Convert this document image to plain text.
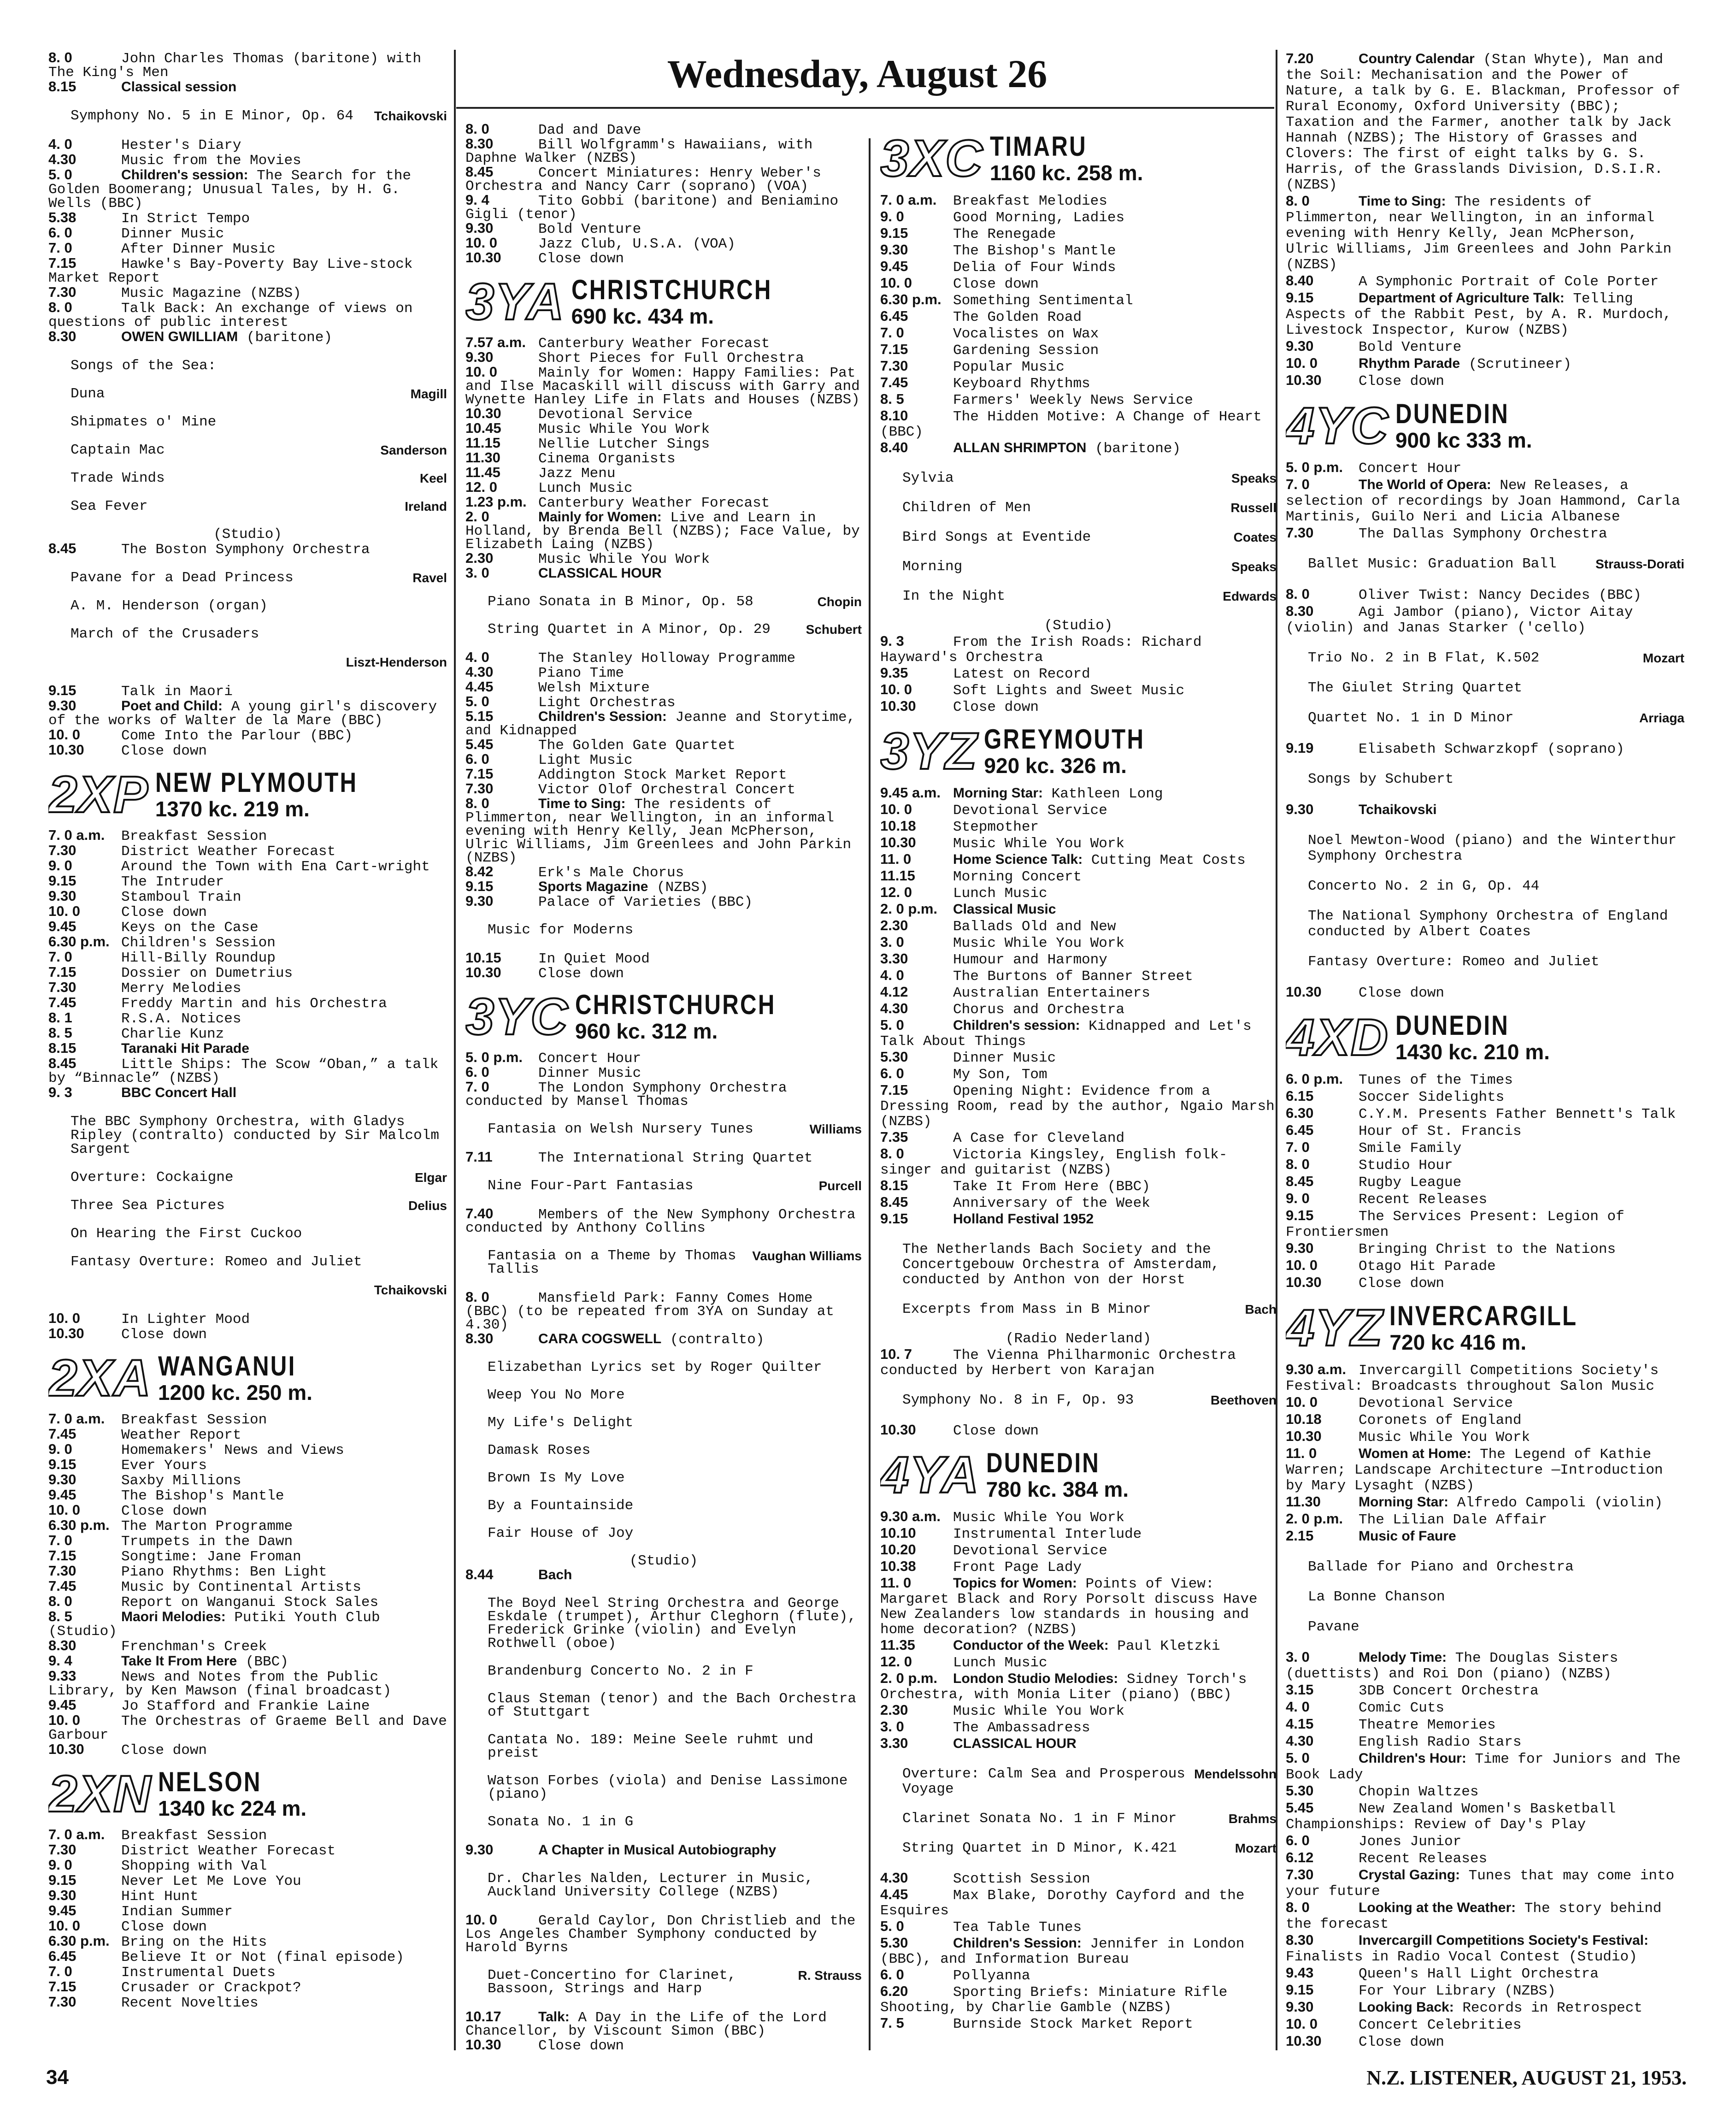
Wednesday, August 26

8. 0	John Charles Thomas (baritone) with The King's Men

8.15	Classical session

Tchaikovski
Symphony No. 5 in E Minor, Op. 64

4. 0	Hester's Diary

4.30	Music from the Movies

5. 0	Children's session: The Search for the Golden Boomerang; Unusual Tales, by H. G. Wells (BBC)

5.38	In Strict Tempo

6. 0	Dinner Music

7. 0	After Dinner Music

7.15	Hawke's Bay-Poverty Bay Live-stock Market Report

7.30	Music Magazine (NZBS)

8. 0	Talk Back: An exchange of views on questions of public interest

8.30	OWEN GWILLIAM (baritone)

Songs of the Sea:

Magill
Duna

Shipmates o' Mine

Sanderson
Captain Mac

Keel
Trade Winds

Ireland
Sea Fever

(Studio)

8.45	The Boston Symphony Orchestra

Ravel
Pavane for a Dead Princess

A. M. Henderson (organ)

March of the Crusaders

Liszt-Henderson

9.15	Talk in Maori

9.30	Poet and Child: A young girl's discovery of the works of Walter de la Mare (BBC)

10. 0	Come Into the Parlour (BBC)

10.30	Close down

2XP NEW PLYMOUTH
1370 kc. 219 m.

7. 0 a.m. Breakfast Session

7.30	District Weather Forecast

9. 0	Around the Town with Ena Cart-wright

9.15	The Intruder

9.30	Stamboul Train

10. 0	Close down

9.45	Keys on the Case

6.30 p.m. Children's Session

7. 0	Hill-Billy Roundup

7.15	Dossier on Dumetrius

7.30	Merry Melodies

7.45	Freddy Martin and his Orchestra

8. 1	R.S.A. Notices

8. 5	Charlie Kunz

8.15	Taranaki Hit Parade

8.45	Little Ships: The Scow “Oban,” a talk by “Binnacle” (NZBS)

9. 3	BBC Concert Hall

The BBC Symphony Orchestra, with Gladys Ripley (contralto) conducted by Sir Malcolm Sargent

Elgar
Overture: Cockaigne

Delius
Three Sea Pictures

On Hearing the First Cuckoo

Fantasy Overture: Romeo and Juliet

Tchaikovski

10. 0	In Lighter Mood

10.30	Close down

2XA WANGANUI
1200 kc. 250 m.

7. 0 a.m. Breakfast Session

7.45	Weather Report

9. 0	Homemakers' News and Views

9.15	Ever Yours

9.30	Saxby Millions

9.45	The Bishop's Mantle

10. 0	Close down

6.30 p.m. The Marton Programme

7. 0	Trumpets in the Dawn

7.15	Songtime: Jane Froman

7.30	Piano Rhythms: Ben Light

7.45	Music by Continental Artists

8. 0	Report on Wanganui Stock Sales

8. 5	Maori Melodies: Putiki Youth Club (Studio)

8.30	Frenchman's Creek

9. 4	Take It From Here (BBC)

9.33	News and Notes from the Public Library, by Ken Mawson (final broadcast)

9.45	Jo Stafford and Frankie Laine

10. 0	The Orchestras of Graeme Bell and Dave Garbour

10.30	Close down

2XN NELSON
1340 kc 224 m.

7. 0 a.m. Breakfast Session

7.30	District Weather Forecast

9. 0	Shopping with Val

9.15	Never Let Me Love You

9.30	Hint Hunt

9.45	Indian Summer

10. 0	Close down

6.30 p.m. Bring on the Hits

6.45	Believe It or Not (final episode)

7. 0	Instrumental Duets

7.15	Crusader or Crackpot?

7.30	Recent Novelties

8. 0	Dad and Dave

8.30	Bill Wolfgramm's Hawaiians, with Daphne Walker (NZBS)

8.45	Concert Miniatures: Henry Weber's Orchestra and Nancy Carr (soprano) (VOA)

9. 4	Tito Gobbi (baritone) and Beniamino Gigli (tenor)

9.30	Bold Venture

10. 0	Jazz Club, U.S.A. (VOA)

10.30	Close down

3YA CHRISTCHURCH
690 kc. 434 m.

7.57 a.m. Canterbury Weather Forecast

9.30	Short Pieces for Full Orchestra

10. 0	Mainly for Women: Happy Families: Pat and Ilse Macaskill will discuss with Garry and Wynette Hanley Life in Flats and Houses (NZBS)

10.30	Devotional Service

10.45	Music While You Work

11.15	Nellie Lutcher Sings

11.30	Cinema Organists

11.45	Jazz Menu

12. 0	Lunch Music

1.23 p.m. Canterbury Weather Forecast

2. 0	Mainly for Women: Live and Learn in Holland, by Brenda Bell (NZBS); Face Value, by Elizabeth Laing (NZBS)

2.30	Music While You Work

3. 0	CLASSICAL HOUR

Chopin
Piano Sonata in B Minor, Op. 58

Schubert
String Quartet in A Minor, Op. 29

4. 0	The Stanley Holloway Programme

4.30	Piano Time

4.45	Welsh Mixture

5. 0	Light Orchestras

5.15	Children's Session: Jeanne and Storytime, and Kidnapped

5.45	The Golden Gate Quartet

6. 0	Light Music

7.15	Addington Stock Market Report

7.30	Victor Olof Orchestral Concert

8. 0	Time to Sing: The residents of Plimmerton, near Wellington, in an informal evening with Henry Kelly, Jean McPherson, Ulric Williams, Jim Greenlees and John Parkin (NZBS)

8.42	Erk's Male Chorus

9.15	Sports Magazine (NZBS)

9.30	Palace of Varieties (BBC)

Music for Moderns

10.15	In Quiet Mood

10.30	Close down

3YC CHRISTCHURCH
960 kc. 312 m.

5. 0 p.m. Concert Hour

6. 0	Dinner Music

7. 0	The London Symphony Orchestra conducted by Mansel Thomas

Williams
Fantasia on Welsh Nursery Tunes

7.11	The International String Quartet

Purcell
Nine Four-Part Fantasias

7.40	Members of the New Symphony Orchestra conducted by Anthony Collins

Vaughan Williams
Fantasia on a Theme by Thomas Tallis

8. 0	Mansfield Park: Fanny Comes Home (BBC) (to be repeated from 3YA on Sunday at 4.30)

8.30	CARA COGSWELL (contralto)

Elizabethan Lyrics set by Roger Quilter

Weep You No More

My Life's Delight

Damask Roses

Brown Is My Love

By a Fountainside

Fair House of Joy

(Studio)

8.44	Bach

The Boyd Neel String Orchestra and George Eskdale (trumpet), Arthur Cleghorn (flute), Frederick Grinke (violin) and Evelyn Rothwell (oboe)

Brandenburg Concerto No. 2 in F

Claus Steman (tenor) and the Bach Orchestra of Stuttgart

Cantata No. 189: Meine Seele ruhmt und preist

Watson Forbes (viola) and Denise Lassimone (piano)

Sonata No. 1 in G

9.30	A Chapter in Musical Autobiography

Dr. Charles Nalden, Lecturer in Music, Auckland University College (NZBS)

10. 0	Gerald Caylor, Don Christlieb and the Los Angeles Chamber Symphony conducted by Harold Byrns

R. Strauss
Duet-Concertino for Clarinet, Bassoon, Strings and Harp

10.17	Talk: A Day in the Life of the Lord Chancellor, by Viscount Simon (BBC)

10.30	Close down

3XC TIMARU
1160 kc. 258 m.

7. 0 a.m. Breakfast Melodies

9. 0	Good Morning, Ladies

9.15	The Renegade

9.30	The Bishop's Mantle

9.45	Delia of Four Winds

10. 0	Close down

6.30 p.m. Something Sentimental

6.45	The Golden Road

7. 0	Vocalistes on Wax

7.15	Gardening Session

7.30	Popular Music

7.45	Keyboard Rhythms

8. 5	Farmers' Weekly News Service

8.10	The Hidden Motive: A Change of Heart (BBC)

8.40	ALLAN SHRIMPTON (baritone)

Speaks
Sylvia

Russell
Children of Men

Coates
Bird Songs at Eventide

Speaks
Morning

Edwards
In the Night

(Studio)

9. 3	From the Irish Roads: Richard Hayward's Orchestra

9.35	Latest on Record

10. 0	Soft Lights and Sweet Music

10.30	Close down

3YZ GREYMOUTH
920 kc. 326 m.

9.45 a.m. Morning Star: Kathleen Long

10. 0	Devotional Service

10.18	Stepmother

10.30	Music While You Work

11. 0	Home Science Talk: Cutting Meat Costs

11.15	Morning Concert

12. 0	Lunch Music

2. 0 p.m. Classical Music

2.30	Ballads Old and New

3. 0	Music While You Work

3.30	Humour and Harmony

4. 0	The Burtons of Banner Street

4.12	Australian Entertainers

4.30	Chorus and Orchestra

5. 0	Children's session: Kidnapped and Let's Talk About Things

5.30	Dinner Music

6. 0	My Son, Tom

7.15	Opening Night: Evidence from a Dressing Room, read by the author, Ngaio Marsh (NZBS)

7.35	A Case for Cleveland

8. 0	Victoria Kingsley, English folk-singer and guitarist (NZBS)

8.15	Take It From Here (BBC)

8.45	Anniversary of the Week

9.15	Holland Festival 1952

The Netherlands Bach Society and the Concertgebouw Orchestra of Amsterdam, conducted by Anthon von der Horst

Bach
Excerpts from Mass in B Minor

(Radio Nederland)

10. 7	The Vienna Philharmonic Orchestra conducted by Herbert von Karajan

Beethoven
Symphony No. 8 in F, Op. 93

10.30	Close down

4YA DUNEDIN
780 kc. 384 m.

9.30 a.m. Music While You Work

10.10	Instrumental Interlude

10.20	Devotional Service

10.38	Front Page Lady

11. 0	Topics for Women: Points of View: Margaret Black and Rory Porsolt discuss Have New Zealanders low standards in housing and home decoration? (NZBS)

11.35	Conductor of the Week: Paul Kletzki

12. 0	Lunch Music

2. 0 p.m. London Studio Melodies: Sidney Torch's Orchestra, with Monia Liter (piano) (BBC)

2.30	Music While You Work

3. 0	The Ambassadress

3.30	CLASSICAL HOUR

Mendelssohn
Overture: Calm Sea and Prosperous Voyage

Brahms
Clarinet Sonata No. 1 in F Minor

Mozart
String Quartet in D Minor, K.421

4.30	Scottish Session

4.45	Max Blake, Dorothy Cayford and the Esquires

5. 0	Tea Table Tunes

5.30	Children's Session: Jennifer in London (BBC), and Information Bureau

6. 0	Pollyanna

6.20	Sporting Briefs: Miniature Rifle Shooting, by Charlie Gamble (NZBS)

7. 5	Burnside Stock Market Report

7.20	Country Calendar (Stan Whyte), Man and the Soil: Mechanisation and the Power of Nature, a talk by G. E. Blackman, Professor of Rural Economy, Oxford University (BBC); Taxation and the Farmer, another talk by Jack Hannah (NZBS); The History of Grasses and Clovers: The first of eight talks by G. S. Harris, of the Grasslands Division, D.S.I.R. (NZBS)

8. 0	Time to Sing: The residents of Plimmerton, near Wellington, in an informal evening with Henry Kelly, Jean McPherson, Ulric Williams, Jim Greenlees and John Parkin (NZBS)

8.40	A Symphonic Portrait of Cole Porter

9.15	Department of Agriculture Talk: Telling Aspects of the Rabbit Pest, by A. R. Murdoch, Livestock Inspector, Kurow (NZBS)

9.30	Bold Venture

10. 0	Rhythm Parade (Scrutineer)

10.30	Close down

4YC DUNEDIN
900 kc 333 m.

5. 0 p.m. Concert Hour

7. 0	The World of Opera: New Releases, a selection of recordings by Joan Hammond, Carla Martinis, Guilo Neri and Licia Albanese

7.30	The Dallas Symphony Orchestra

Strauss-Dorati
Ballet Music: Graduation Ball

8. 0	Oliver Twist: Nancy Decides (BBC)

8.30	Agi Jambor (piano), Victor Aitay (violin) and Janas Starker ('cello)

Mozart
Trio No. 2 in B Flat, K.502

The Giulet String Quartet

Arriaga
Quartet No. 1 in D Minor

9.19	Elisabeth Schwarzkopf (soprano)

Songs by Schubert

9.30	Tchaikovski

Noel Mewton-Wood (piano) and the Winterthur Symphony Orchestra

Concerto No. 2 in G, Op. 44

The National Symphony Orchestra of England conducted by Albert Coates

Fantasy Overture: Romeo and Juliet

10.30	Close down

4XD DUNEDIN
1430 kc. 210 m.

6. 0 p.m. Tunes of the Times

6.15	Soccer Sidelights

6.30	C.Y.M. Presents Father Bennett's Talk

6.45	Hour of St. Francis

7. 0	Smile Family

8. 0	Studio Hour

8.45	Rugby League

9. 0	Recent Releases

9.15	The Services Present: Legion of Frontiersmen

9.30	Bringing Christ to the Nations

10. 0	Otago Hit Parade

10.30	Close down

4YZ INVERCARGILL
720 kc 416 m.

9.30 a.m. Invercargill Competitions Society's Festival: Broadcasts throughout Salon Music

10. 0	Devotional Service

10.18	Coronets of England

10.30	Music While You Work

11. 0	Women at Home: The Legend of Kathie Warren; Landscape Architecture —Introduction by Mary Lysaght (NZBS)

11.30	Morning Star: Alfredo Campoli (violin)

2. 0 p.m. The Lilian Dale Affair

2.15	Music of Faure

Ballade for Piano and Orchestra

La Bonne Chanson

Pavane

3. 0	Melody Time: The Douglas Sisters (duettists) and Roi Don (piano) (NZBS)

3.15	3DB Concert Orchestra

4. 0	Comic Cuts

4.15	Theatre Memories

4.30	English Radio Stars

5. 0	Children's Hour: Time for Juniors and The Book Lady

5.30	Chopin Waltzes

5.45	New Zealand Women's Basketball Championships: Review of Day's Play

6. 0	Jones Junior

6.12	Recent Releases

7.30	Crystal Gazing: Tunes that may come into your future

8. 0	Looking at the Weather: The story behind the forecast

8.30	Invercargill Competitions Society's Festival: Finalists in Radio Vocal Contest (Studio)

9.43	Queen's Hall Light Orchestra

9.15	For Your Library (NZBS)

9.30	Looking Back: Records in Retrospect

10. 0	Concert Celebrities

10.30	Close down

34	N.Z. LISTENER, AUGUST 21, 1953.
